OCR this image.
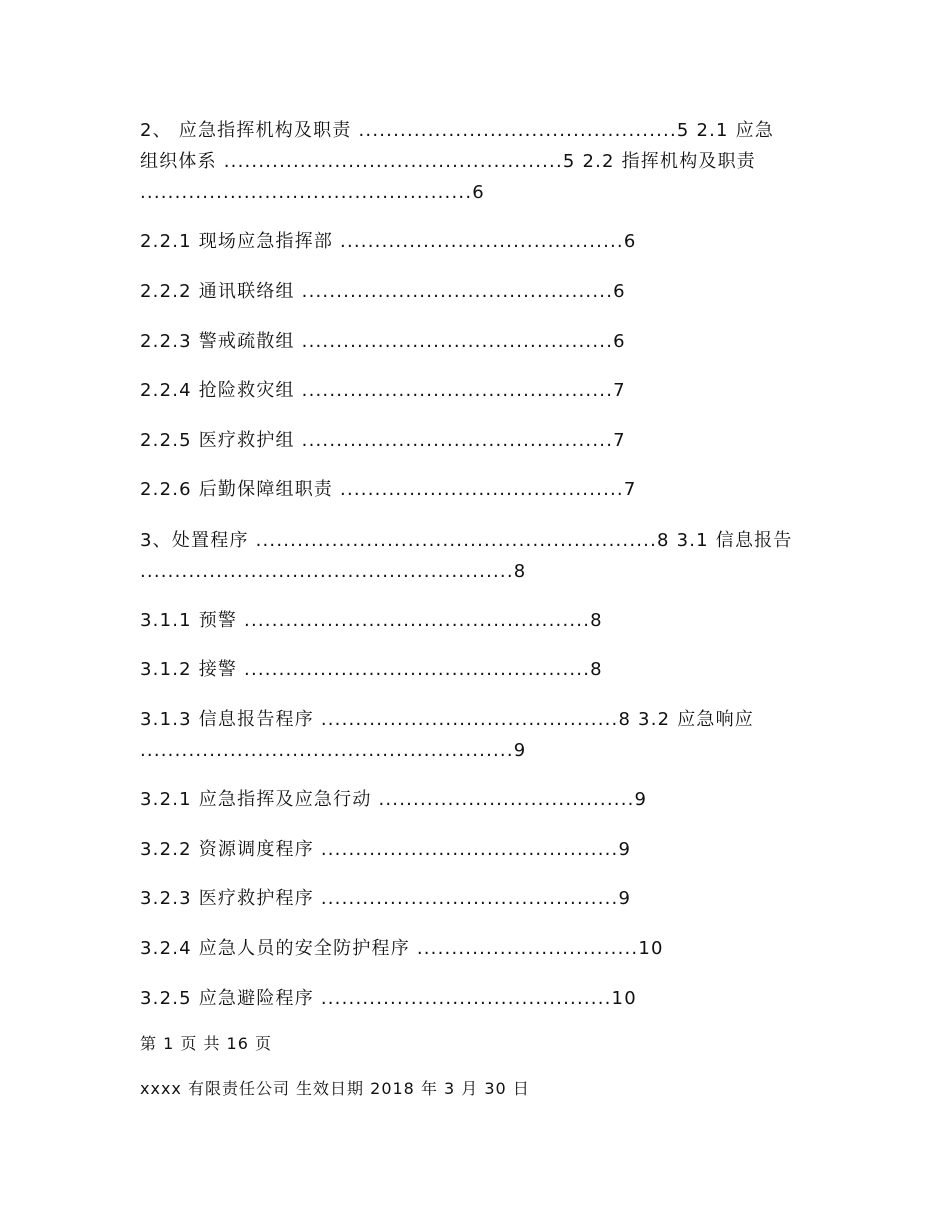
2、 应急指挥机构及职责 ..............................................5 2.1 应急
组织体系 .................................................5 2.2 指挥机构及职责
................................................6
2.2.1 现场应急指挥部 .........................................6
2.2.2 通讯联络组 .............................................6
2.2.3 警戒疏散组 .............................................6
2.2.4 抢险救灾组 .............................................7
2.2.5 医疗救护组 .............................................7
2.2.6 后勤保障组职责 .........................................7
3、处置程序 ..........................................................8 3.1 信息报告
......................................................8
3.1.1 预警 ..................................................8
3.1.2 接警 ..................................................8
3.1.3 信息报告程序 ...........................................8 3.2 应急响应
......................................................9
3.2.1 应急指挥及应急行动 .....................................9
3.2.2 资源调度程序 ...........................................9
3.2.3 医疗救护程序 ...........................................9
3.2.4 应急人员的安全防护程序 ................................10
3.2.5 应急避险程序 ..........................................10
第 1 页 共 16 页
xxxx 有限责任公司 生效日期 2018 年 3 月 30 日
